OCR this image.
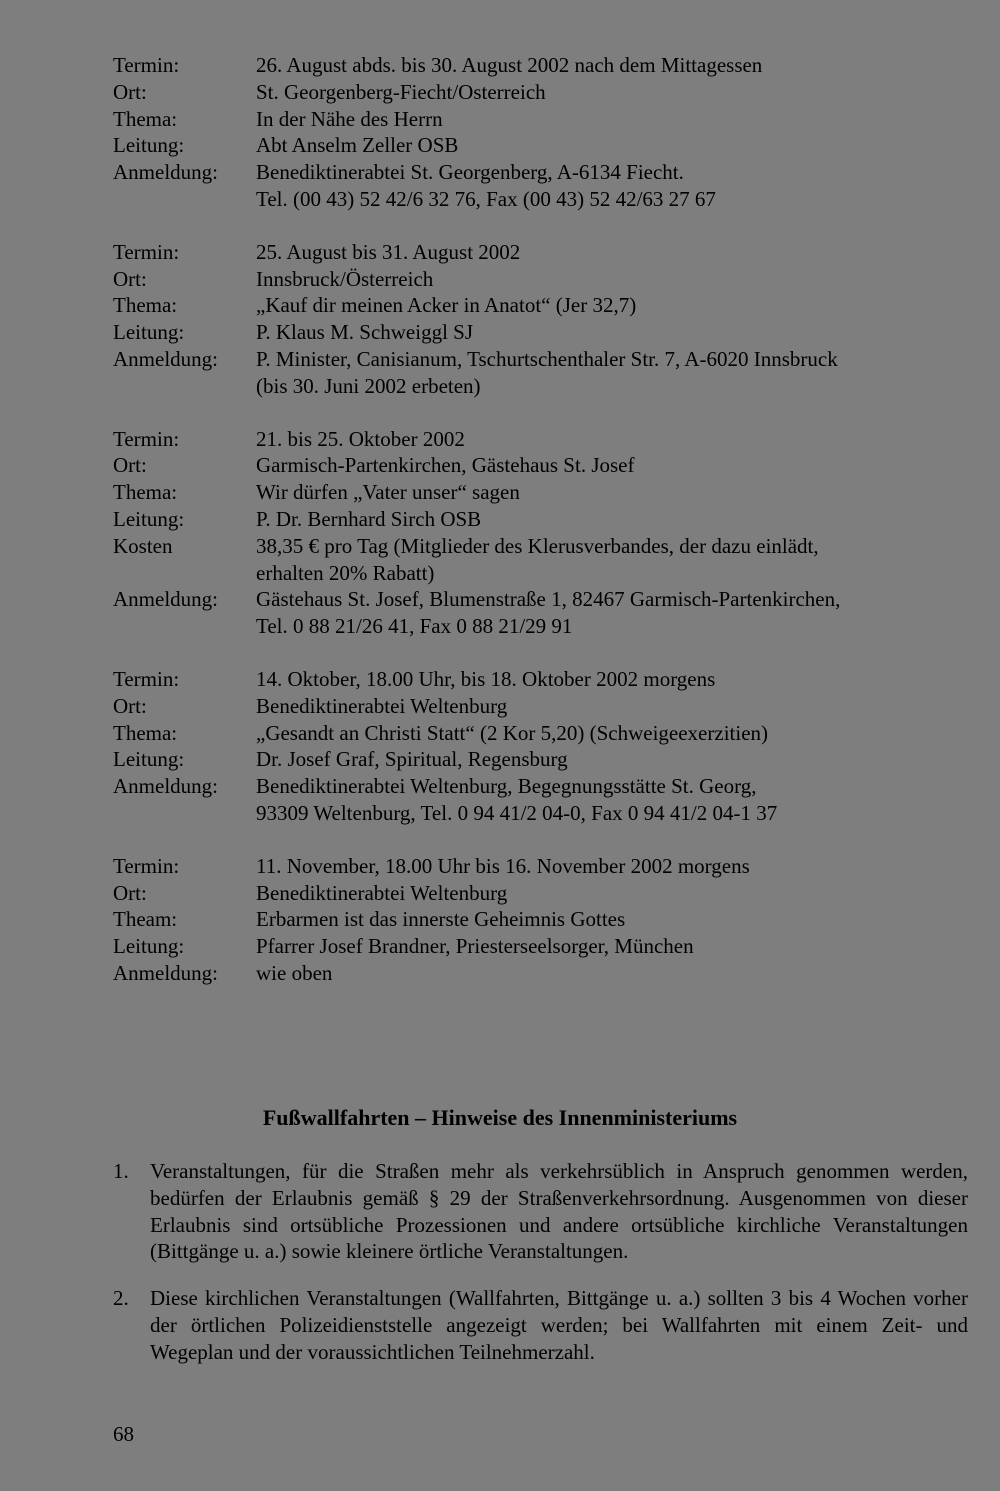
Termin:	26. August abds. bis 30. August 2002 nach dem Mittagessen
Ort:	St. Georgenberg-Fiecht/Osterreich
Thema:	In der Nähe des Herrn
Leitung:	Abt Anselm Zeller OSB
Anmeldung:	Benediktinerabtei St. Georgenberg, A-6134 Fiecht.
Tel. (00 43) 52 42/6 32 76, Fax (00 43) 52 42/63 27 67
Termin:	25. August bis 31. August 2002
Ort:	Innsbruck/Österreich
Thema:	„Kauf dir meinen Acker in Anatot“ (Jer 32,7)
Leitung:	P. Klaus M. Schweiggl SJ
Anmeldung:	P. Minister, Canisianum, Tschurtschenthaler Str. 7, A-6020 Innsbruck
(bis 30. Juni 2002 erbeten)
Termin:	21. bis 25. Oktober 2002
Ort:	Garmisch-Partenkirchen, Gästehaus St. Josef
Thema:	Wir dürfen „Vater unser“ sagen
Leitung:	P. Dr. Bernhard Sirch OSB
Kosten	38,35 € pro Tag (Mitglieder des Klerusverbandes, der dazu einlädt,
erhalten 20% Rabatt)
Anmeldung:	Gästehaus St. Josef, Blumenstraße 1, 82467 Garmisch-Partenkirchen,
Tel. 0 88 21/26 41, Fax 0 88 21/29 91
Termin:	14. Oktober, 18.00 Uhr, bis 18. Oktober 2002 morgens
Ort:	Benediktinerabtei Weltenburg
Thema:	„Gesandt an Christi Statt“ (2 Kor 5,20) (Schweigeexerzitien)
Leitung:	Dr. Josef Graf, Spiritual, Regensburg
Anmeldung:	Benediktinerabtei Weltenburg, Begegnungsstätte St. Georg,
93309 Weltenburg, Tel. 0 94 41/2 04-0, Fax 0 94 41/2 04-1 37
Termin:	11. November, 18.00 Uhr bis 16. November 2002 morgens
Ort:	Benediktinerabtei Weltenburg
Theam:	Erbarmen ist das innerste Geheimnis Gottes
Leitung:	Pfarrer Josef Brandner, Priesterseelsorger, München
Anmeldung:	wie oben
Fußwallfahrten – Hinweise des Innenministeriums
1.	Veranstaltungen, für die Straßen mehr als verkehrsüblich in Anspruch genommen werden, bedürfen der Erlaubnis gemäß § 29 der Straßenverkehrsordnung. Ausgenommen von dieser Erlaubnis sind ortsübliche Prozessionen und andere ortsübliche kirchliche Veranstaltungen (Bittgänge u. a.) sowie kleinere örtliche Veranstaltungen.
2.	Diese kirchlichen Veranstaltungen (Wallfahrten, Bittgänge u. a.) sollten 3 bis 4 Wochen vorher der örtlichen Polizeidienststelle angezeigt werden; bei Wallfahrten mit einem Zeit- und Wegeplan und der voraussichtlichen Teilnehmerzahl.
68
